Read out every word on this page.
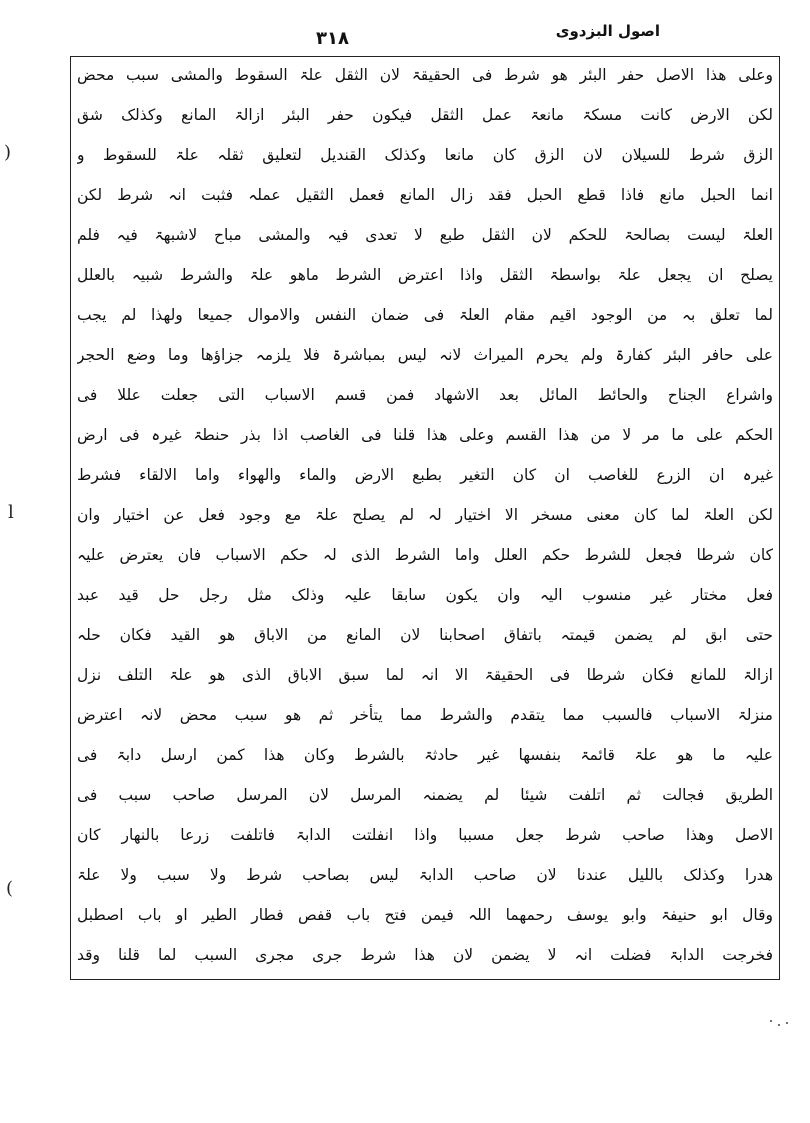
اصول البزدوی
۳۱۸
وعلی ھذا الاصل حفر البئر ھو شرط فی الحقیقۃ لان الثقل علۃ السقوط والمشی سبب محض
لکن الارض کانت مسکۃ مانعۃ عمل الثقل فیکون حفر البئر ازالۃ المانع وکذلک شق
الزق شرط للسیلان لان الزق کان مانعا وکذلک القندیل لتعلیق ثقلہ علۃ للسقوط و
انما الحبل مانع فاذا قطع الحبل فقد زال المانع فعمل الثقیل عملہ فثبت انہ شرط لکن
العلۃ لیست بصالحۃ للحکم لان الثقل طبع لا تعدی فیہ والمشی مباح لاشبھۃ فیہ فلم
یصلح ان یجعل علۃ بواسطۃ الثقل واذا اعترض الشرط ماھو علۃ والشرط شبیہ بالعلل
لما تعلق بہ من الوجود اقیم مقام العلۃ فی ضمان النفس والاموال جمیعا ولھذا لم یجب
علی حافر البئر کفارۃ ولم یحرم المیراث لانہ لیس بمباشرۃ فلا یلزمہ جزاؤھا وما وضع الحجر
واشراع الجناح والحائط المائل بعد الاشھاد فمن قسم الاسباب التی جعلت عللا فی
الحکم علی ما مر لا من ھذا القسم وعلی ھذا قلنا فی الغاصب اذا بذر حنطۃ غیرہ فی ارض
غیرہ ان الزرع للغاصب ان کان التغیر بطبع الارض والماء والھواء واما الالقاء فشرط
لکن العلۃ لما کان معنی مسخر الا اختیار لہ لم یصلح علۃ مع وجود فعل عن اختیار وان
کان شرطا فجعل للشرط حکم العلل واما الشرط الذی لہ حکم الاسباب فان یعترض علیہ
فعل مختار غیر منسوب الیہ وان یکون سابقا علیہ وذلک مثل رجل حل قید عبد
حتی ابق لم یضمن قیمتہ باتفاق اصحابنا لان المانع من الاباق ھو القید فکان حلہ
ازالۃ للمانع فکان شرطا فی الحقیقۃ الا انہ لما سبق الاباق الذی ھو علۃ التلف نزل
منزلۃ الاسباب فالسبب مما یتقدم والشرط مما یتأخر ثم ھو سبب محض لانہ اعترض
علیہ ما ھو علۃ قائمۃ بنفسھا غیر حادثۃ بالشرط وکان ھذا کمن ارسل دابۃ فی
الطریق فجالت ثم اتلفت شیئا لم یضمنہ المرسل لان المرسل صاحب سبب فی
الاصل وھذا صاحب شرط جعل مسببا واذا انفلتت الدابۃ فاتلفت زرعا بالنھار کان
ھدرا وکذلک باللیل عندنا لان صاحب الدابۃ لیس بصاحب شرط ولا سبب ولا علۃ
وقال ابو حنیفۃ وابو یوسف رحمھما اللہ فیمن فتح باب قفص فطار الطیر او باب اصطبل
فخرجت الدابۃ فضلت انہ لا یضمن لان ھذا شرط جری مجری السبب لما قلنا وقد
)
l
(
